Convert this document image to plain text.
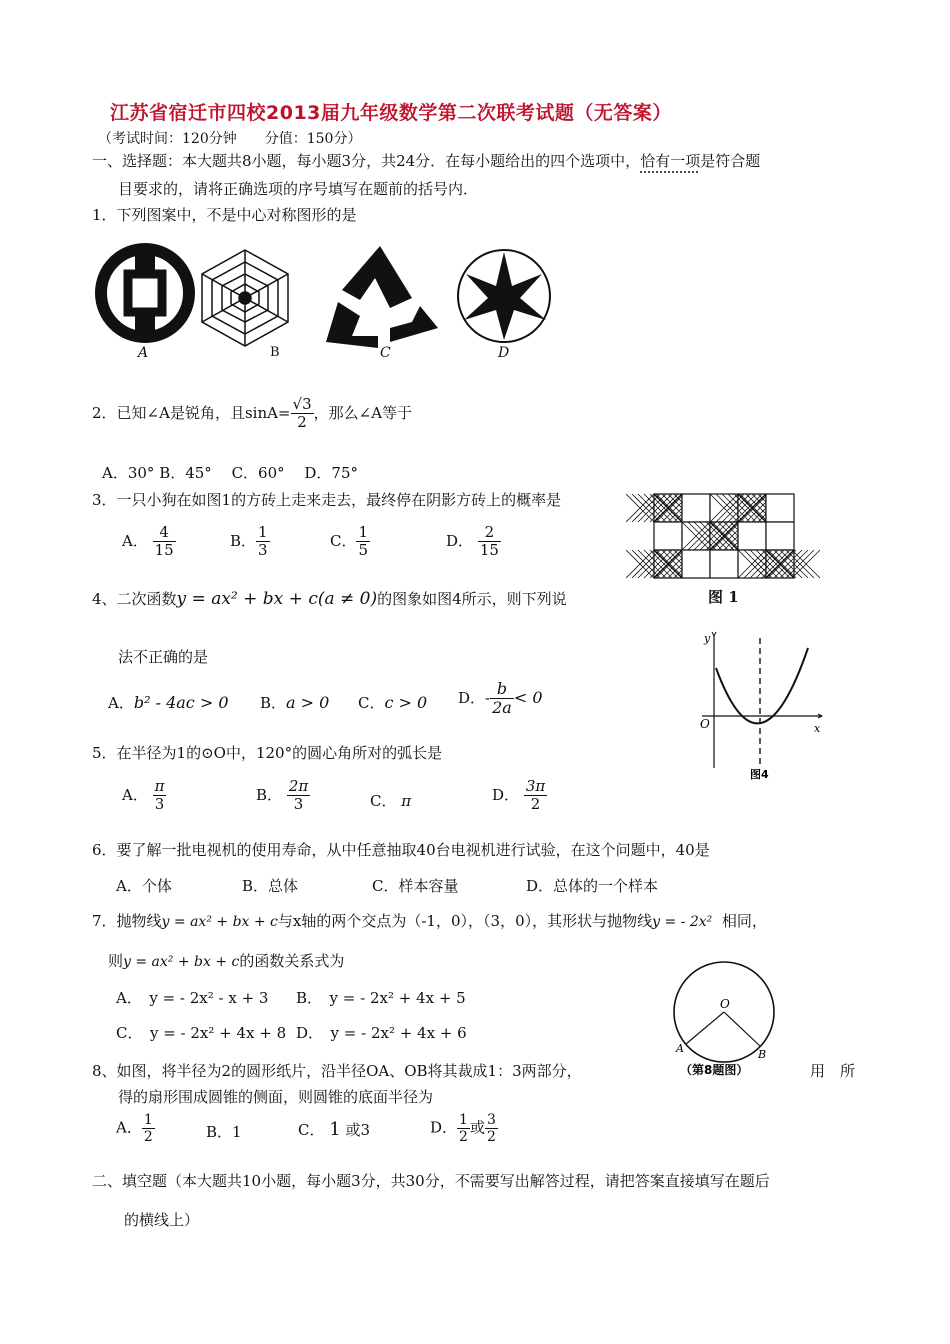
江苏省宿迁市四校2013届九年级数学第二次联考试题（无答案）
（考试时间：120分钟　　分值：150分）
一、选择题：本大题共8小题，每小题3分，共24分．在每小题给出的四个选项中，恰有一项是符合题
目要求的，请将正确选项的序号填写在题前的括号内．
1．下列图案中，不是中心对称图形的是
A	B	C	D
2．已知∠A是锐角，且$\sin A= \frac{√3}{2}$ ，那么∠A等于
A．30° B．45°　 C．60°　 D．75°
3．一只小狗在如图1的方砖上走来走去，最终停在阴影方砖上的概率是
A． $\frac{4}{15}$	B． $\frac{1}{3}$	C． $\frac{1}{5}$	D． $\frac{2}{15}$
图 1
4、二次函数y = ax² + bx + c(a ≠ 0)的图象如图4所示，则下列说
法不正确的是
A．b² - 4ac > 0 B．a > 0 C．c > 0 D．- $\frac{b}{2a} < 0$
y
x
O
图4
5．在半径为1的⊙O中，120°的圆心角所对的弧长是
A． $\frac{\pi}{3}$	B． $\frac{2\pi}{3}$	C． π	D． $\frac{3\pi}{2}$
6．要了解一批电视机的使用寿命，从中任意抽取40台电视机进行试验，在这个问题中，40是
A．个体	B．总体	C．样本容量	D．总体的一个样本
7．抛物线y = ax² + bx + c与x轴的两个交点为（-1，0），（3，0），其形状与抛物线y = - 2x² 相同，
则y = ax² + bx + c的函数关系式为
A．　y = - 2x² - x + 3 B．　y = - 2x² + 4x + 5
C．　y = - 2x² + 4x + 8 D．　y = - 2x² + 4x + 6
O
A	B
（第8题图）
8、如图，将半径为2的圆形纸片，沿半径OA、OB将其裁成1：3两部分，	用　所
得的扇形围成圆锥的侧面，则圆锥的底面半径为
A． $\frac{1}{2}$	B．1	C． 1 或3	D． $\frac{1}{2}$ 或 $\frac{3}{2}$
二、填空题（本大题共10小题，每小题3分，共30分，不需要写出解答过程，请把答案直接填写在题后
的横线上）
